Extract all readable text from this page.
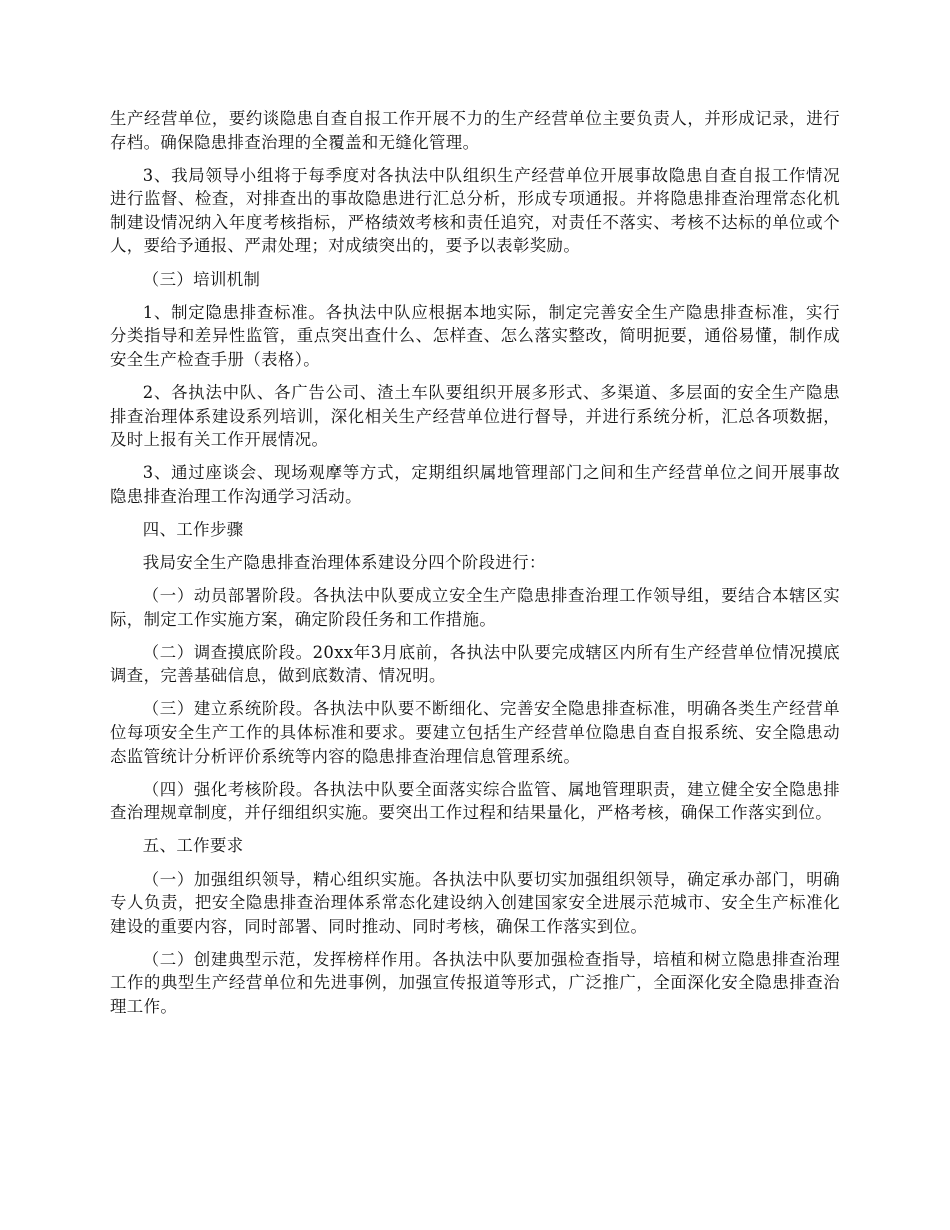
生产经营单位，要约谈隐患自查自报工作开展不力的生产经营单位主要负责人，并形成记录，进行存档。确保隐患排查治理的全覆盖和无缝化管理。

3、我局领导小组将于每季度对各执法中队组织生产经营单位开展事故隐患自查自报工作情况进行监督、检查，对排查出的事故隐患进行汇总分析，形成专项通报。并将隐患排查治理常态化机制建设情况纳入年度考核指标，严格绩效考核和责任追究，对责任不落实、考核不达标的单位或个人，要给予通报、严肃处理；对成绩突出的，要予以表彰奖励。

（三）培训机制

1、制定隐患排查标准。各执法中队应根据本地实际，制定完善安全生产隐患排查标准，实行分类指导和差异性监管，重点突出查什么、怎样查、怎么落实整改，简明扼要，通俗易懂，制作成安全生产检查手册（表格）。

2、各执法中队、各广告公司、渣土车队要组织开展多形式、多渠道、多层面的安全生产隐患排查治理体系建设系列培训，深化相关生产经营单位进行督导，并进行系统分析，汇总各项数据，及时上报有关工作开展情况。

3、通过座谈会、现场观摩等方式，定期组织属地管理部门之间和生产经营单位之间开展事故隐患排查治理工作沟通学习活动。

四、工作步骤

我局安全生产隐患排查治理体系建设分四个阶段进行：

（一）动员部署阶段。各执法中队要成立安全生产隐患排查治理工作领导组，要结合本辖区实际，制定工作实施方案，确定阶段任务和工作措施。

（二）调查摸底阶段。20xx年3月底前，各执法中队要完成辖区内所有生产经营单位情况摸底调查，完善基础信息，做到底数清、情况明。

（三）建立系统阶段。各执法中队要不断细化、完善安全隐患排查标准，明确各类生产经营单位每项安全生产工作的具体标准和要求。要建立包括生产经营单位隐患自查自报系统、安全隐患动态监管统计分析评价系统等内容的隐患排查治理信息管理系统。

（四）强化考核阶段。各执法中队要全面落实综合监管、属地管理职责，建立健全安全隐患排查治理规章制度，并仔细组织实施。要突出工作过程和结果量化，严格考核，确保工作落实到位。

五、工作要求

（一）加强组织领导，精心组织实施。各执法中队要切实加强组织领导，确定承办部门，明确专人负责，把安全隐患排查治理体系常态化建设纳入创建国家安全进展示范城市、安全生产标准化建设的重要内容，同时部署、同时推动、同时考核，确保工作落实到位。

（二）创建典型示范，发挥榜样作用。各执法中队要加强检查指导，培植和树立隐患排查治理工作的典型生产经营单位和先进事例，加强宣传报道等形式，广泛推广，全面深化安全隐患排查治理工作。
